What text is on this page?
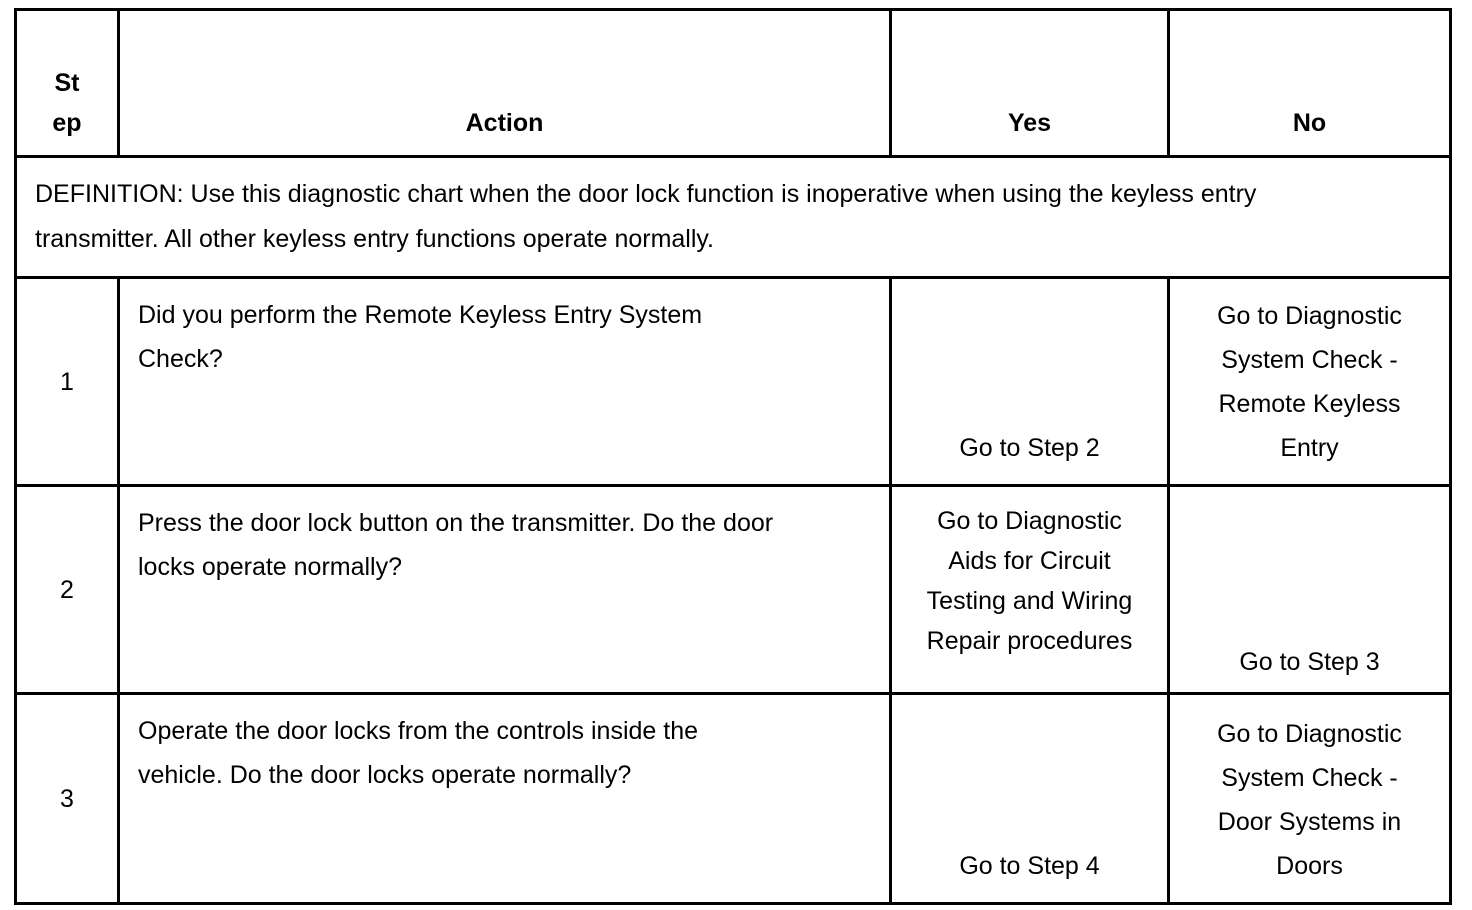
St
ep	Action	Yes	No
DEFINITION: Use this diagnostic chart when the door lock function is inoperative when using the keyless entry transmitter. All other keyless entry functions operate normally.			
1	Did you perform the Remote Keyless Entry System Check?	Go to Step 2	Go to Diagnostic
System Check -
Remote Keyless
Entry
2	Press the door lock button on the transmitter. Do the door locks operate normally?	Go to Diagnostic
Aids for Circuit
Testing and Wiring
Repair procedures	Go to Step 3
3	Operate the door locks from the controls inside the vehicle. Do the door locks operate normally?	Go to Step 4	Go to Diagnostic
System Check -
Door Systems in
Doors
